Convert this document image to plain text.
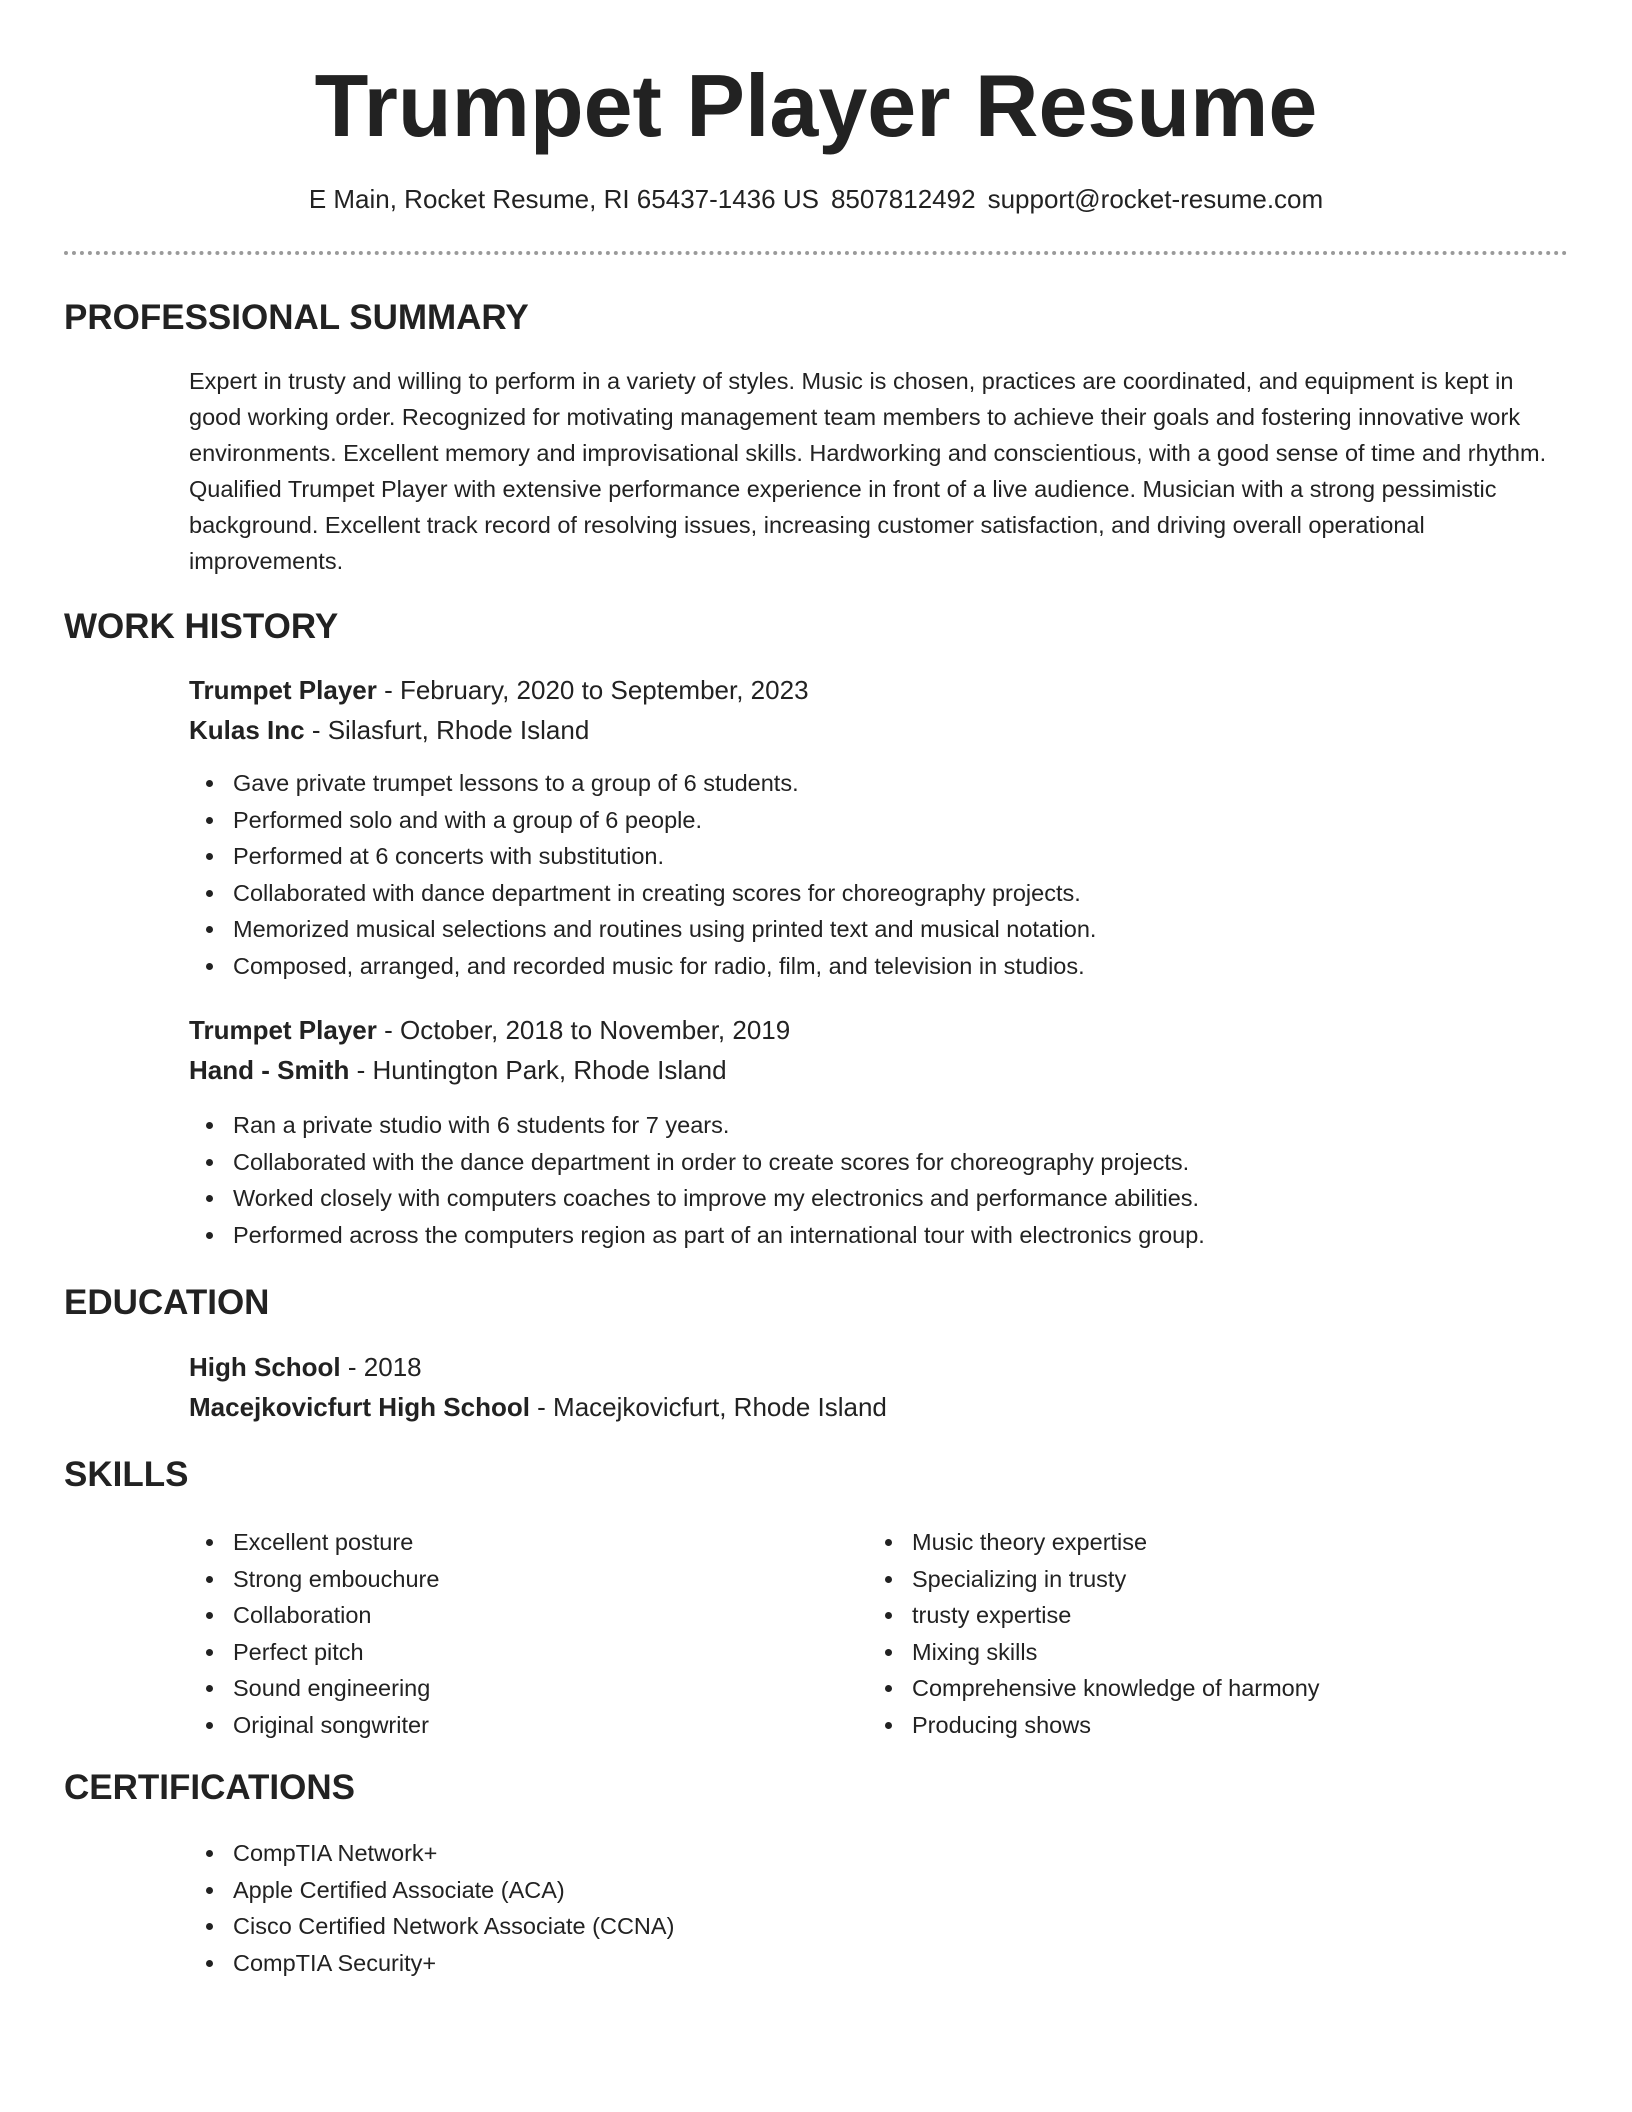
Trumpet Player Resume
E Main, Rocket Resume, RI 65437-1436 US 8507812492 support@rocket-resume.com
PROFESSIONAL SUMMARY
Expert in trusty and willing to perform in a variety of styles. Music is chosen, practices are coordinated, and equipment is kept in good working order. Recognized for motivating management team members to achieve their goals and fostering innovative work environments. Excellent memory and improvisational skills. Hardworking and conscientious, with a good sense of time and rhythm. Qualified Trumpet Player with extensive performance experience in front of a live audience. Musician with a strong pessimistic background. Excellent track record of resolving issues, increasing customer satisfaction, and driving overall operational improvements.
WORK HISTORY
Trumpet Player - February, 2020 to September, 2023
Kulas Inc - Silasfurt, Rhode Island
Gave private trumpet lessons to a group of 6 students.
Performed solo and with a group of 6 people.
Performed at 6 concerts with substitution.
Collaborated with dance department in creating scores for choreography projects.
Memorized musical selections and routines using printed text and musical notation.
Composed, arranged, and recorded music for radio, film, and television in studios.
Trumpet Player - October, 2018 to November, 2019
Hand - Smith - Huntington Park, Rhode Island
Ran a private studio with 6 students for 7 years.
Collaborated with the dance department in order to create scores for choreography projects.
Worked closely with computers coaches to improve my electronics and performance abilities.
Performed across the computers region as part of an international tour with electronics group.
EDUCATION
High School - 2018
Macejkovicfurt High School - Macejkovicfurt, Rhode Island
SKILLS
Excellent posture
Strong embouchure
Collaboration
Perfect pitch
Sound engineering
Original songwriter
Music theory expertise
Specializing in trusty
trusty expertise
Mixing skills
Comprehensive knowledge of harmony
Producing shows
CERTIFICATIONS
CompTIA Network+
Apple Certified Associate (ACA)
Cisco Certified Network Associate (CCNA)
CompTIA Security+
